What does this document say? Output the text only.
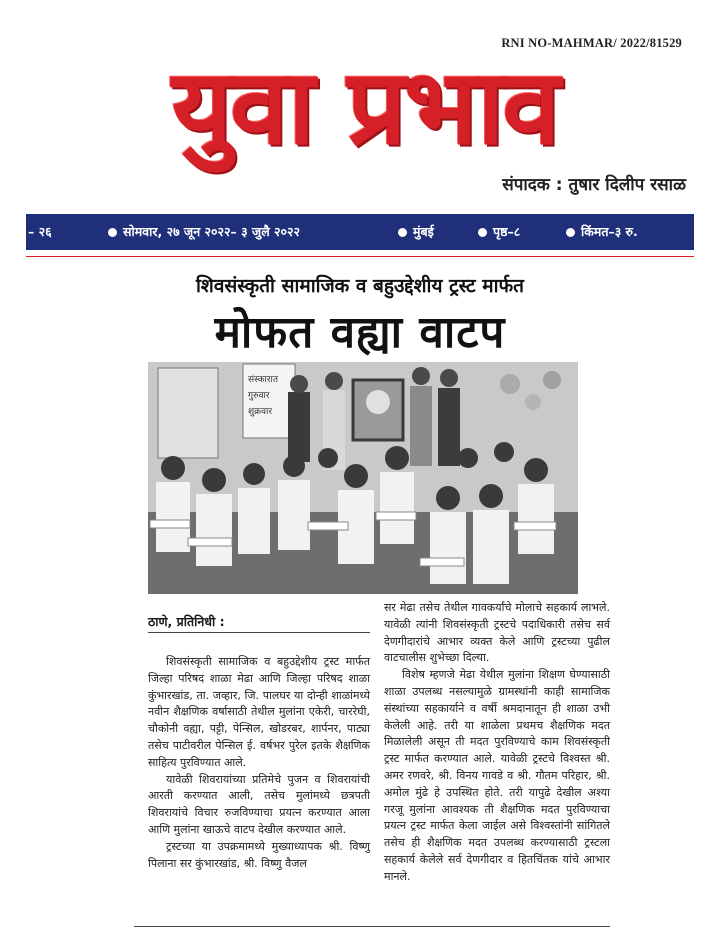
RNI NO-MAHMAR/ 2022/81529
युवा प्रभाव
संपादक : तुषार दिलीप रसाळ
– २६	सोमवार, २७ जून २०२२– ३ जुलै २०२२	मुंबई	पृष्ठ–८	किंमत–३ रु.
शिवसंस्कृती सामाजिक व बहुउद्देशीय ट्रस्ट मार्फत
मोफत वह्या वाटप
संस्कारात
गुरुवार
शुक्रवार
ठाणे, प्रतिनिधी :

शिवसंस्कृती सामाजिक व बहुउद्देशीय ट्रस्ट मार्फत जिल्हा परिषद शाळा मेढा आणि जिल्हा परिषद शाळा कुंभारखांड, ता. जव्हार, जि. पालघर या दोन्ही शाळांमध्ये नवीन शैक्षणिक वर्षासाठी तेथील मुलांना एकेरी, चाररेघी, चौकोनी वह्या, पट्टी, पेन्सिल, खोडरबर, शार्पनर, पाट्या तसेच पाटीवरील पेन्सिल ई. वर्षभर पुरेल इतके शैक्षणिक साहित्य पुरविण्यात आले.

यावेळी शिवरायांच्या प्रतिमेचे पुजन व शिवरायांची आरती करण्यात आली, तसेच मुलांमध्ये छत्रपती शिवरायांचे विचार रुजविण्याचा प्रयत्न करण्यात आला आणि मुलांना खाऊचे वाटप देखील करण्यात आले.

ट्रस्टच्या या उपक्रमामध्ये मुख्याध्यापक श्री. विष्णु पिलाना सर कुंभारखांड, श्री. विष्णु वैजल

सर मेढा तसेच तेथील गावकर्यांचे मोलाचे सहकार्य लाभले. यावेळी त्यांनी शिवसंस्कृती ट्रस्टचे पदाधिकारी तसेच सर्व देणगीदारांचे आभार व्यक्त केले आणि ट्रस्टच्या पुढील वाटचालीस शुभेच्छा दिल्या.

विशेष म्हणजे मेढा येथील मुलांना शिक्षण घेण्यासाठी शाळा उपलब्ध नसल्यामुळे ग्रामस्थांनी काही सामाजिक संस्थांच्या सहकार्याने व वर्षी श्रमदानातून ही शाळा उभी केलेली आहे. तरी या शाळेला प्रथमच शैक्षणिक मदत मिळालेली असून ती मदत पुरविण्याचे काम शिवसंस्कृती ट्रस्ट मार्फत करण्यात आले. यावेळी ट्रस्टचे विश्वस्त श्री. अमर रणवरे, श्री. विनय गावडे व श्री. गौतम परिहार, श्री. अमोल मुंढे हे उपस्थित होते. तरी यापुढे देखील अश्या गरजू मुलांना आवश्यक ती शैक्षणिक मदत पुरविण्याचा प्रयत्न ट्रस्ट मार्फत केला जाईल असे विश्वस्तांनी सांगितले तसेच ही शैक्षणिक मदत उपलब्ध करण्यासाठी ट्रस्टला सहकार्य केलेले सर्व देणगीदार व हितचिंतक यांचे आभार मानले.
